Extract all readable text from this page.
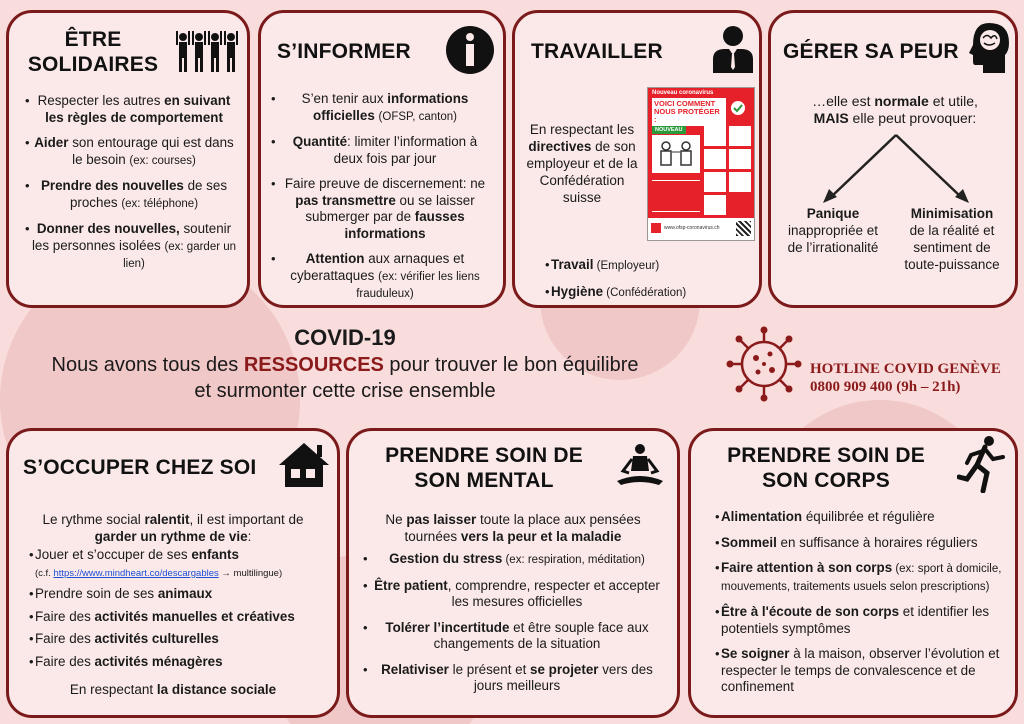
ÊTRE
SOLIDAIRES
• Respecter les autres en suivant les règles de comportement
• Aider son entourage qui est dans le besoin (ex: courses)
• Prendre des nouvelles de ses proches (ex: téléphone)
• Donner des nouvelles, soutenir les personnes isolées (ex: garder un lien)
S’INFORMER
• S’en tenir aux informations officielles (OFSP, canton)
• Quantité: limiter l’information à deux fois par jour
• Faire preuve de discernement: ne pas transmettre ou se laisser submerger par de fausses informations
• Attention aux arnaques et cyberattaques (ex: vérifier les liens frauduleux)
TRAVAILLER
En respectant les directives de son employeur et de la Confédération suisse
Nouveau coronavirus
VOICI COMMENT
NOUS PROTÉGER :
NOUVEAU
www.ofsp-coronavirus.ch
• Travail (Employeur)
• Hygiène (Confédération)
GÉRER SA PEUR
…elle est normale et utile,
MAIS elle peut provoquer:
Panique
inappropriée et de l’irrationalité
Minimisation
de la réalité et sentiment de toute-puissance
COVID-19
Nous avons tous des RESSOURCES pour trouver le bon équilibre
et surmonter cette crise ensemble
HOTLINE COVID GENÈVE
0800 909 400 (9h – 21h)
S’OCCUPER CHEZ SOI
Le rythme social ralentit, il est important de garder un rythme de vie:
• Jouer et s’occuper de ses enfants
(c.f. https://www.mindheart.co/descargables → multilingue)
• Prendre soin de ses animaux
• Faire des activités manuelles et créatives
• Faire des activités culturelles
• Faire des activités ménagères
En respectant la distance sociale
PRENDRE SOIN DE
SON MENTAL
Ne pas laisser toute la place aux pensées tournées vers la peur et la maladie
• Gestion du stress (ex: respiration, méditation)
• Être patient, comprendre, respecter et accepter les mesures officielles
• Tolérer l’incertitude et être souple face aux changements de la situation
• Relativiser le présent et se projeter vers des jours meilleurs
PRENDRE SOIN DE
SON CORPS
• Alimentation équilibrée et régulière
• Sommeil en suffisance à horaires réguliers
• Faire attention à son corps (ex: sport à domicile, mouvements, traitements usuels selon prescriptions)
• Être à l'écoute de son corps et identifier les potentiels symptômes
• Se soigner à la maison, observer l’évolution et respecter le temps de convalescence et de confinement
